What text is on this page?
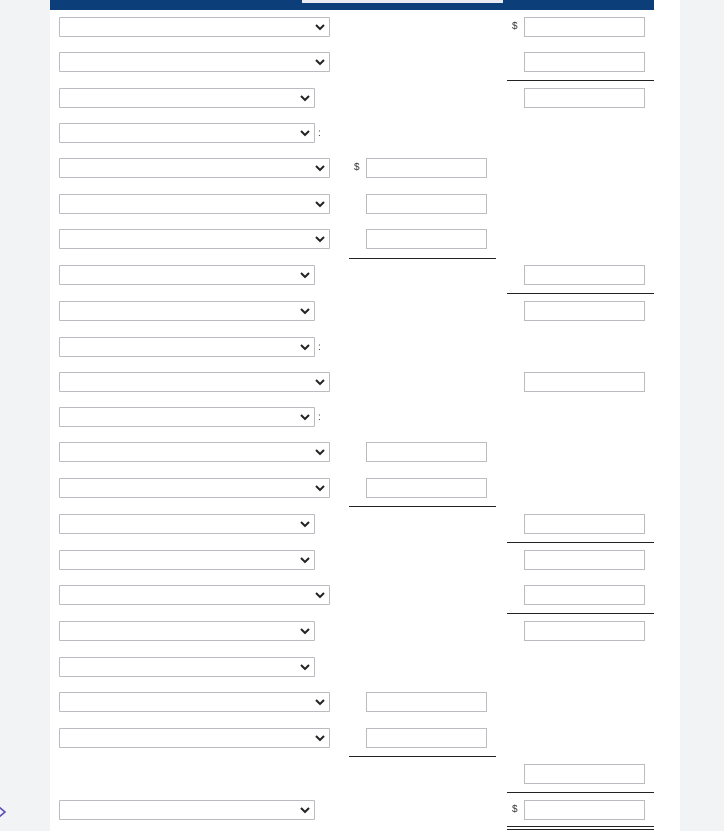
:
:
:
$
$
$
